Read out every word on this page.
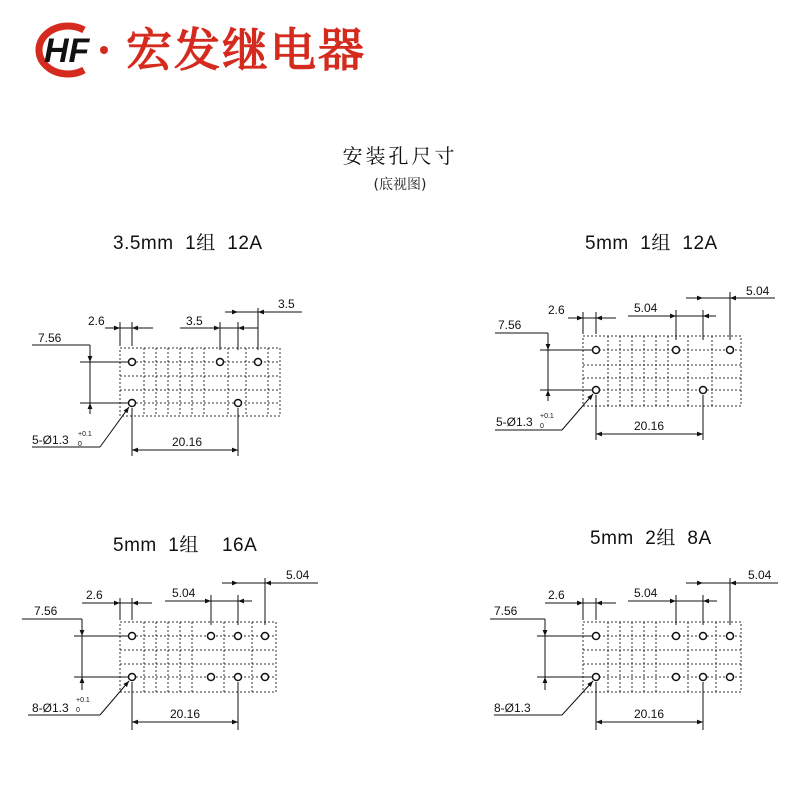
HF 宏发继电器
安装孔尺寸
(底视图)
3.5mm  1组  12A	5mm  1组  12A
5mm  1组    16A	5mm  2组  8A
2.6	3.5
3.5
7.56
20.16
5-Ø1.3 +0.1
0
2.6	5.04
5.04
7.56
20.16
5-Ø1.3 +0.1
0
2.6	5.04
5.04
7.56
20.16
8-Ø1.3
+0.1
0
2.6	5.04
5.04
7.56
20.16
8-Ø1.3
